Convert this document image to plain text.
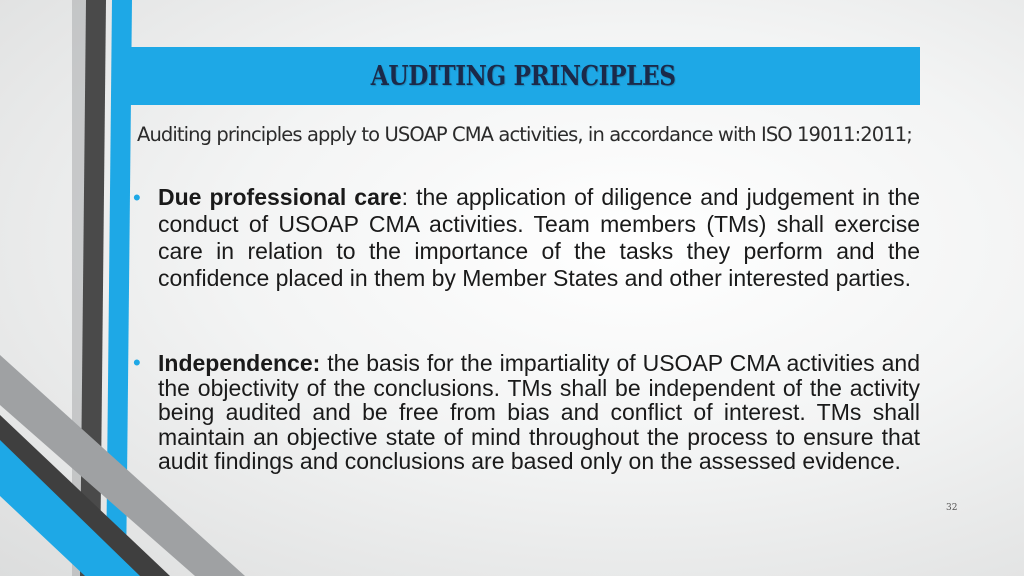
AUDITING PRINCIPLES
Auditing principles apply to USOAP CMA activities, in accordance with ISO 19011:2011;
• Due professional care: the application of diligence and judgement in the conduct of USOAP CMA activities. Team members (TMs) shall exercise care in relation to the importance of the tasks they perform and the confidence placed in them by Member States and other interested parties.
• Independence: the basis for the impartiality of USOAP CMA activities and the objectivity of the conclusions. TMs shall be independent of the activity being audited and be free from bias and conflict of interest. TMs shall maintain an objective state of mind throughout the process to ensure that audit findings and conclusions are based only on the assessed evidence.
32
